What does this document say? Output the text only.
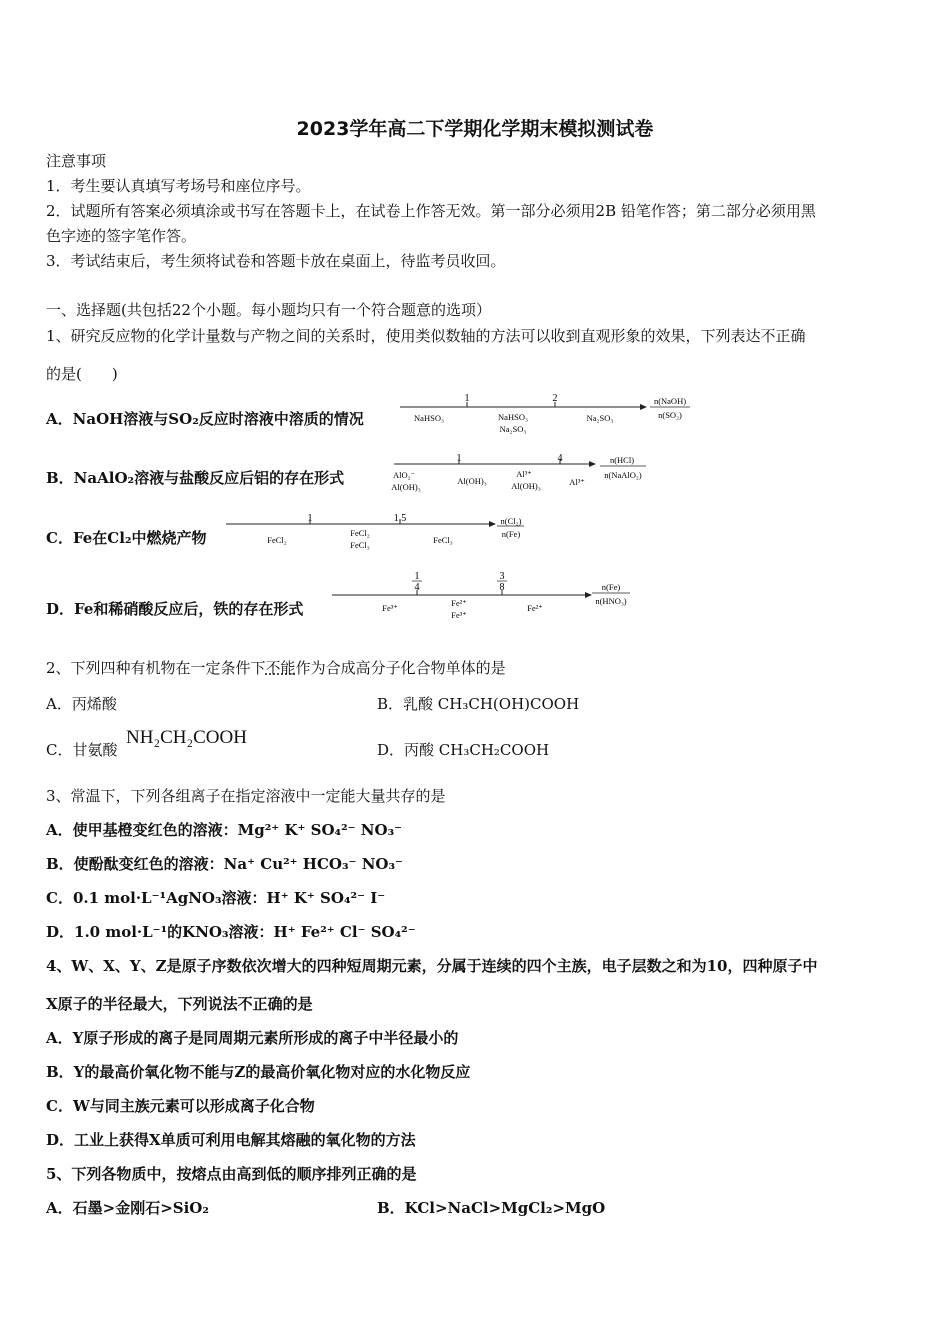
2023学年高二下学期化学期末模拟测试卷
注意事项
1．考生要认真填写考场号和座位序号。
2．试题所有答案必须填涂或书写在答题卡上，在试卷上作答无效。第一部分必须用2B 铅笔作答；第二部分必须用黑
色字迹的签字笔作答。
3．考试结束后，考生须将试卷和答题卡放在桌面上，待监考员收回。
一、选择题(共包括22个小题。每小题均只有一个符合题意的选项）
1、研究反应物的化学计量数与产物之间的关系时，使用类似数轴的方法可以收到直观形象的效果，下列表达不正确
的是(　　)
A．NaOH溶液与SO₂反应时溶液中溶质的情况
1	2
NaHSO₃	NaHSO₃
Na₂SO₃
Na₂SO₃
n(NaOH)
n(SO₂)
B．NaAlO₂溶液与盐酸反应后铝的存在形式
1	4
AlO₂⁻
Al(OH)₃
Al(OH)₃
Al³⁺
Al(OH)₃	Al³⁺
n(HCl)
n(NaAlO₂)
C．Fe在Cl₂中燃烧产物
1	1.5
FeCl₂
FeCl₂
FeCl₃	FeCl₃
n(Cl₂)
n(Fe)
D．Fe和稀硝酸反应后，铁的存在形式
1
4
3
8
Fe³⁺	Fe²⁺
Fe³⁺
Fe²⁺
n(Fe)
n(HNO₃)
2、下列四种有机物在一定条件下不能作为合成高分子化合物单体的是
A．丙烯酸	B．乳酸 CH₃CH(OH)COOH
C．甘氨酸
NH₂CH₂COOH
D．丙酸 CH₃CH₂COOH
3、常温下，下列各组离子在指定溶液中一定能大量共存的是
A．使甲基橙变红色的溶液：Mg²⁺ K⁺ SO₄²⁻ NO₃⁻
B．使酚酞变红色的溶液：Na⁺ Cu²⁺ HCO₃⁻ NO₃⁻
C．0.1 mol·L⁻¹AgNO₃溶液：H⁺ K⁺ SO₄²⁻ I⁻
D．1.0 mol·L⁻¹的KNO₃溶液：H⁺ Fe²⁺ Cl⁻ SO₄²⁻
4、W、X、Y、Z是原子序数依次增大的四种短周期元素，分属于连续的四个主族，电子层数之和为10，四种原子中
X原子的半径最大，下列说法不正确的是
A．Y原子形成的离子是同周期元素所形成的离子中半径最小的
B．Y的最高价氧化物不能与Z的最高价氧化物对应的水化物反应
C．W与同主族元素可以形成离子化合物
D．工业上获得X单质可利用电解其熔融的氧化物的方法
5、下列各物质中，按熔点由高到低的顺序排列正确的是
A．石墨>金刚石>SiO₂	B．KCl>NaCl>MgCl₂>MgO
